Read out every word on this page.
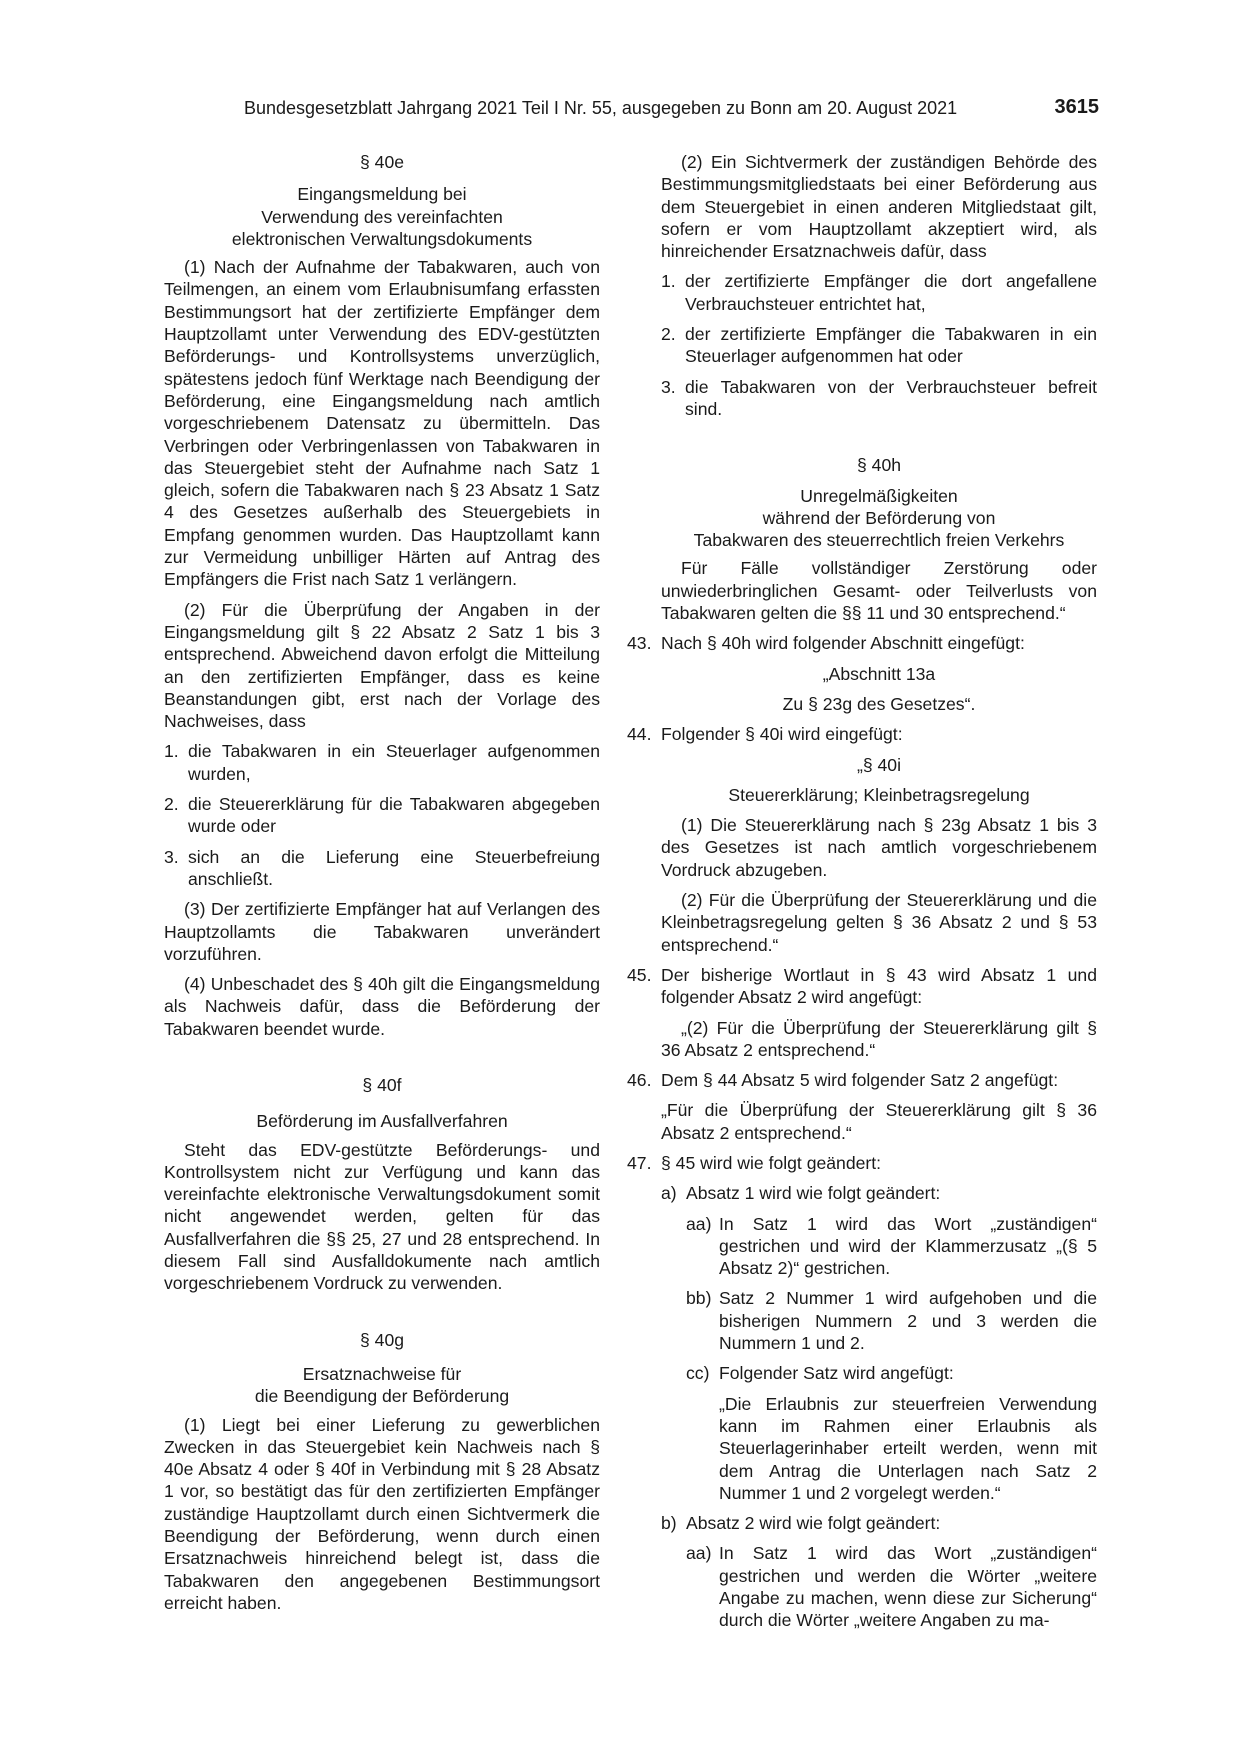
Bundesgesetzblatt Jahrgang 2021 Teil I Nr. 55, ausgegeben zu Bonn am 20. August 2021	3615
§ 40e
Eingangsmeldung bei
Verwendung des vereinfachten
elektronischen Verwaltungsdokuments

(1) Nach der Aufnahme der Tabakwaren, auch von Teilmengen, an einem vom Erlaubnisumfang erfassten Bestimmungsort hat der zertifizierte Empfänger dem Hauptzollamt unter Verwendung des EDV-gestützten Beförderungs- und Kontrollsystems unverzüglich, spätestens jedoch fünf Werktage nach Beendigung der Beförderung, eine Eingangsmeldung nach amtlich vorgeschriebenem Datensatz zu übermitteln. Das Verbringen oder Verbringenlassen von Tabakwaren in das Steuergebiet steht der Aufnahme nach Satz 1 gleich, sofern die Tabakwaren nach § 23 Absatz 1 Satz 4 des Gesetzes außerhalb des Steuergebiets in Empfang genommen wurden. Das Hauptzollamt kann zur Vermeidung unbilliger Härten auf Antrag des Empfängers die Frist nach Satz 1 verlängern.

(2) Für die Überprüfung der Angaben in der Eingangsmeldung gilt § 22 Absatz 2 Satz 1 bis 3 entsprechend. Abweichend davon erfolgt die Mitteilung an den zertifizierten Empfänger, dass es keine Beanstandungen gibt, erst nach der Vorlage des Nachweises, dass

1. die Tabakwaren in ein Steuerlager aufgenommen wurden,
2. die Steuererklärung für die Tabakwaren abgegeben wurde oder
3. sich an die Lieferung eine Steuerbefreiung anschließt.

(3) Der zertifizierte Empfänger hat auf Verlangen des Hauptzollamts die Tabakwaren unverändert vorzuführen.

(4) Unbeschadet des § 40h gilt die Eingangsmeldung als Nachweis dafür, dass die Beförderung der Tabakwaren beendet wurde.

§ 40f
Beförderung im Ausfallverfahren

Steht das EDV-gestützte Beförderungs- und Kontrollsystem nicht zur Verfügung und kann das vereinfachte elektronische Verwaltungsdokument somit nicht angewendet werden, gelten für das Ausfallverfahren die §§ 25, 27 und 28 entsprechend. In diesem Fall sind Ausfalldokumente nach amtlich vorgeschriebenem Vordruck zu verwenden.

§ 40g
Ersatznachweise für
die Beendigung der Beförderung

(1) Liegt bei einer Lieferung zu gewerblichen Zwecken in das Steuergebiet kein Nachweis nach § 40e Absatz 4 oder § 40f in Verbindung mit § 28 Absatz 1 vor, so bestätigt das für den zertifizierten Empfänger zuständige Hauptzollamt durch einen Sichtvermerk die Beendigung der Beförderung, wenn durch einen Ersatznachweis hinreichend belegt ist, dass die Tabakwaren den angegebenen Bestimmungsort erreicht haben.

(2) Ein Sichtvermerk der zuständigen Behörde des Bestimmungsmitgliedstaats bei einer Beförderung aus dem Steuergebiet in einen anderen Mitgliedstaat gilt, sofern er vom Hauptzollamt akzeptiert wird, als hinreichender Ersatznachweis dafür, dass

1. der zertifizierte Empfänger die dort angefallene Verbrauchsteuer entrichtet hat,
2. der zertifizierte Empfänger die Tabakwaren in ein Steuerlager aufgenommen hat oder
3. die Tabakwaren von der Verbrauchsteuer befreit sind.
§ 40h
Unregelmäßigkeiten
während der Beförderung von
Tabakwaren des steuerrechtlich freien Verkehrs

Für Fälle vollständiger Zerstörung oder unwiederbringlichen Gesamt- oder Teilverlusts von Tabakwaren gelten die §§ 11 und 30 entsprechend.“

43. Nach § 40h wird folgender Abschnitt eingefügt:
„Abschnitt 13a
Zu § 23g des Gesetzes“.
44. Folgender § 40i wird eingefügt:
„§ 40i
Steuererklärung; Kleinbetragsregelung

(1) Die Steuererklärung nach § 23g Absatz 1 bis 3 des Gesetzes ist nach amtlich vorgeschriebenem Vordruck abzugeben.

(2) Für die Überprüfung der Steuererklärung und die Kleinbetragsregelung gelten § 36 Absatz 2 und § 53 entsprechend.“

45. Der bisherige Wortlaut in § 43 wird Absatz 1 und folgender Absatz 2 wird angefügt:

„(2) Für die Überprüfung der Steuererklärung gilt § 36 Absatz 2 entsprechend.“

46. Dem § 44 Absatz 5 wird folgender Satz 2 angefügt:

„Für die Überprüfung der Steuererklärung gilt § 36 Absatz 2 entsprechend.“

47. § 45 wird wie folgt geändert:
a) Absatz 1 wird wie folgt geändert:
aa) In Satz 1 wird das Wort „zuständigen“ gestrichen und wird der Klammerzusatz „(§ 5 Absatz 2)“ gestrichen.
bb) Satz 2 Nummer 1 wird aufgehoben und die bisherigen Nummern 2 und 3 werden die Nummern 1 und 2.
cc) Folgender Satz wird angefügt:
„Die Erlaubnis zur steuerfreien Verwendung kann im Rahmen einer Erlaubnis als Steuerlagerinhaber erteilt werden, wenn mit dem Antrag die Unterlagen nach Satz 2 Nummer 1 und 2 vorgelegt werden.“
b) Absatz 2 wird wie folgt geändert:
aa) In Satz 1 wird das Wort „zuständigen“ gestrichen und werden die Wörter „weitere Angabe zu machen, wenn diese zur Sicherung“ durch die Wörter „weitere Angaben zu ma-
